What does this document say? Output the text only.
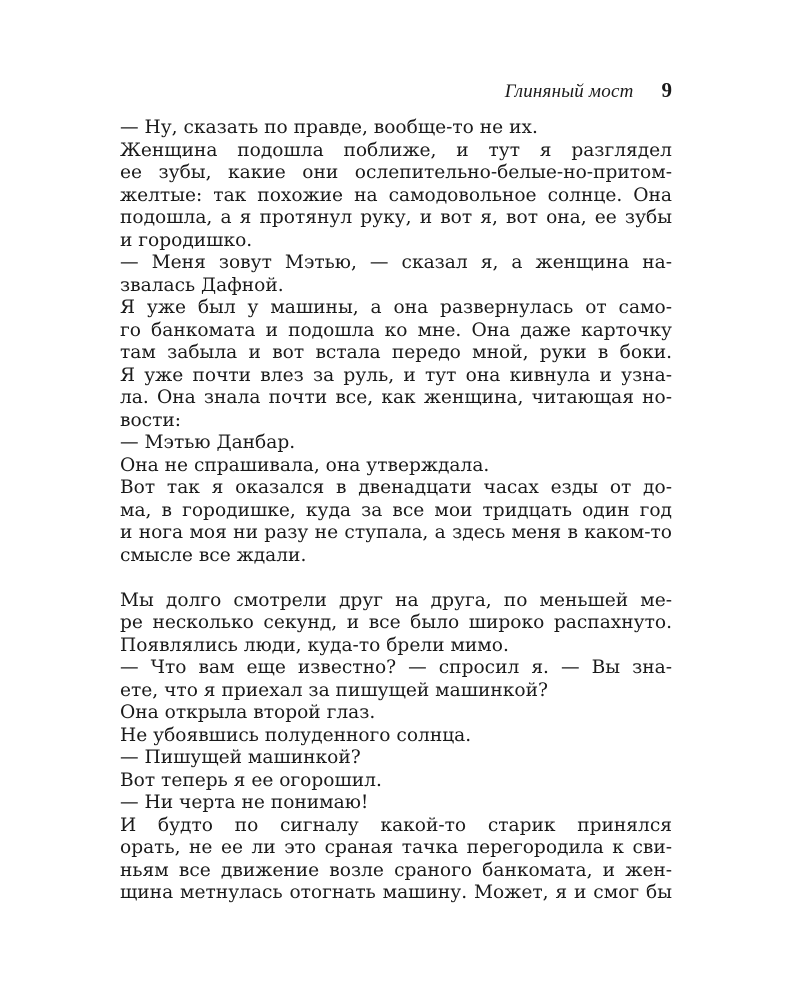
Глиняный мост 9
— Ну, сказать по правде, вообще-то не их.
Женщина подошла поближе, и тут я разглядел
ее зубы, какие они ослепительно-белые-но-притом-
желтые: так похожие на самодовольное солнце. Она
подошла, а я протянул руку, и вот я, вот она, ее зубы
и городишко.
— Меня зовут Мэтью, — сказал я, а женщина на-
звалась Дафной.
Я уже был у машины, а она развернулась от само-
го банкомата и подошла ко мне. Она даже карточку
там забыла и вот встала передо мной, руки в боки.
Я уже почти влез за руль, и тут она кивнула и узна-
ла. Она знала почти все, как женщина, читающая но-
вости:
— Мэтью Данбар.
Она не спрашивала, она утверждала.
Вот так я оказался в двенадцати часах езды от до-
ма, в городишке, куда за все мои тридцать один год
и нога моя ни разу не ступала, а здесь меня в каком-то
смысле все ждали.
Мы долго смотрели друг на друга, по меньшей ме-
ре несколько секунд, и все было широко распахнуто.
Появлялись люди, куда-то брели мимо.
— Что вам еще известно? — спросил я. — Вы зна-
ете, что я приехал за пишущей машинкой?
Она открыла второй глаз.
Не убоявшись полуденного солнца.
— Пишущей машинкой?
Вот теперь я ее огорошил.
— Ни черта не понимаю!
И будто по сигналу какой-то старик принялся
орать, не ее ли это сраная тачка перегородила к сви-
ньям все движение возле сраного банкомата, и жен-
щина метнулась отогнать машину. Может, я и смог бы
